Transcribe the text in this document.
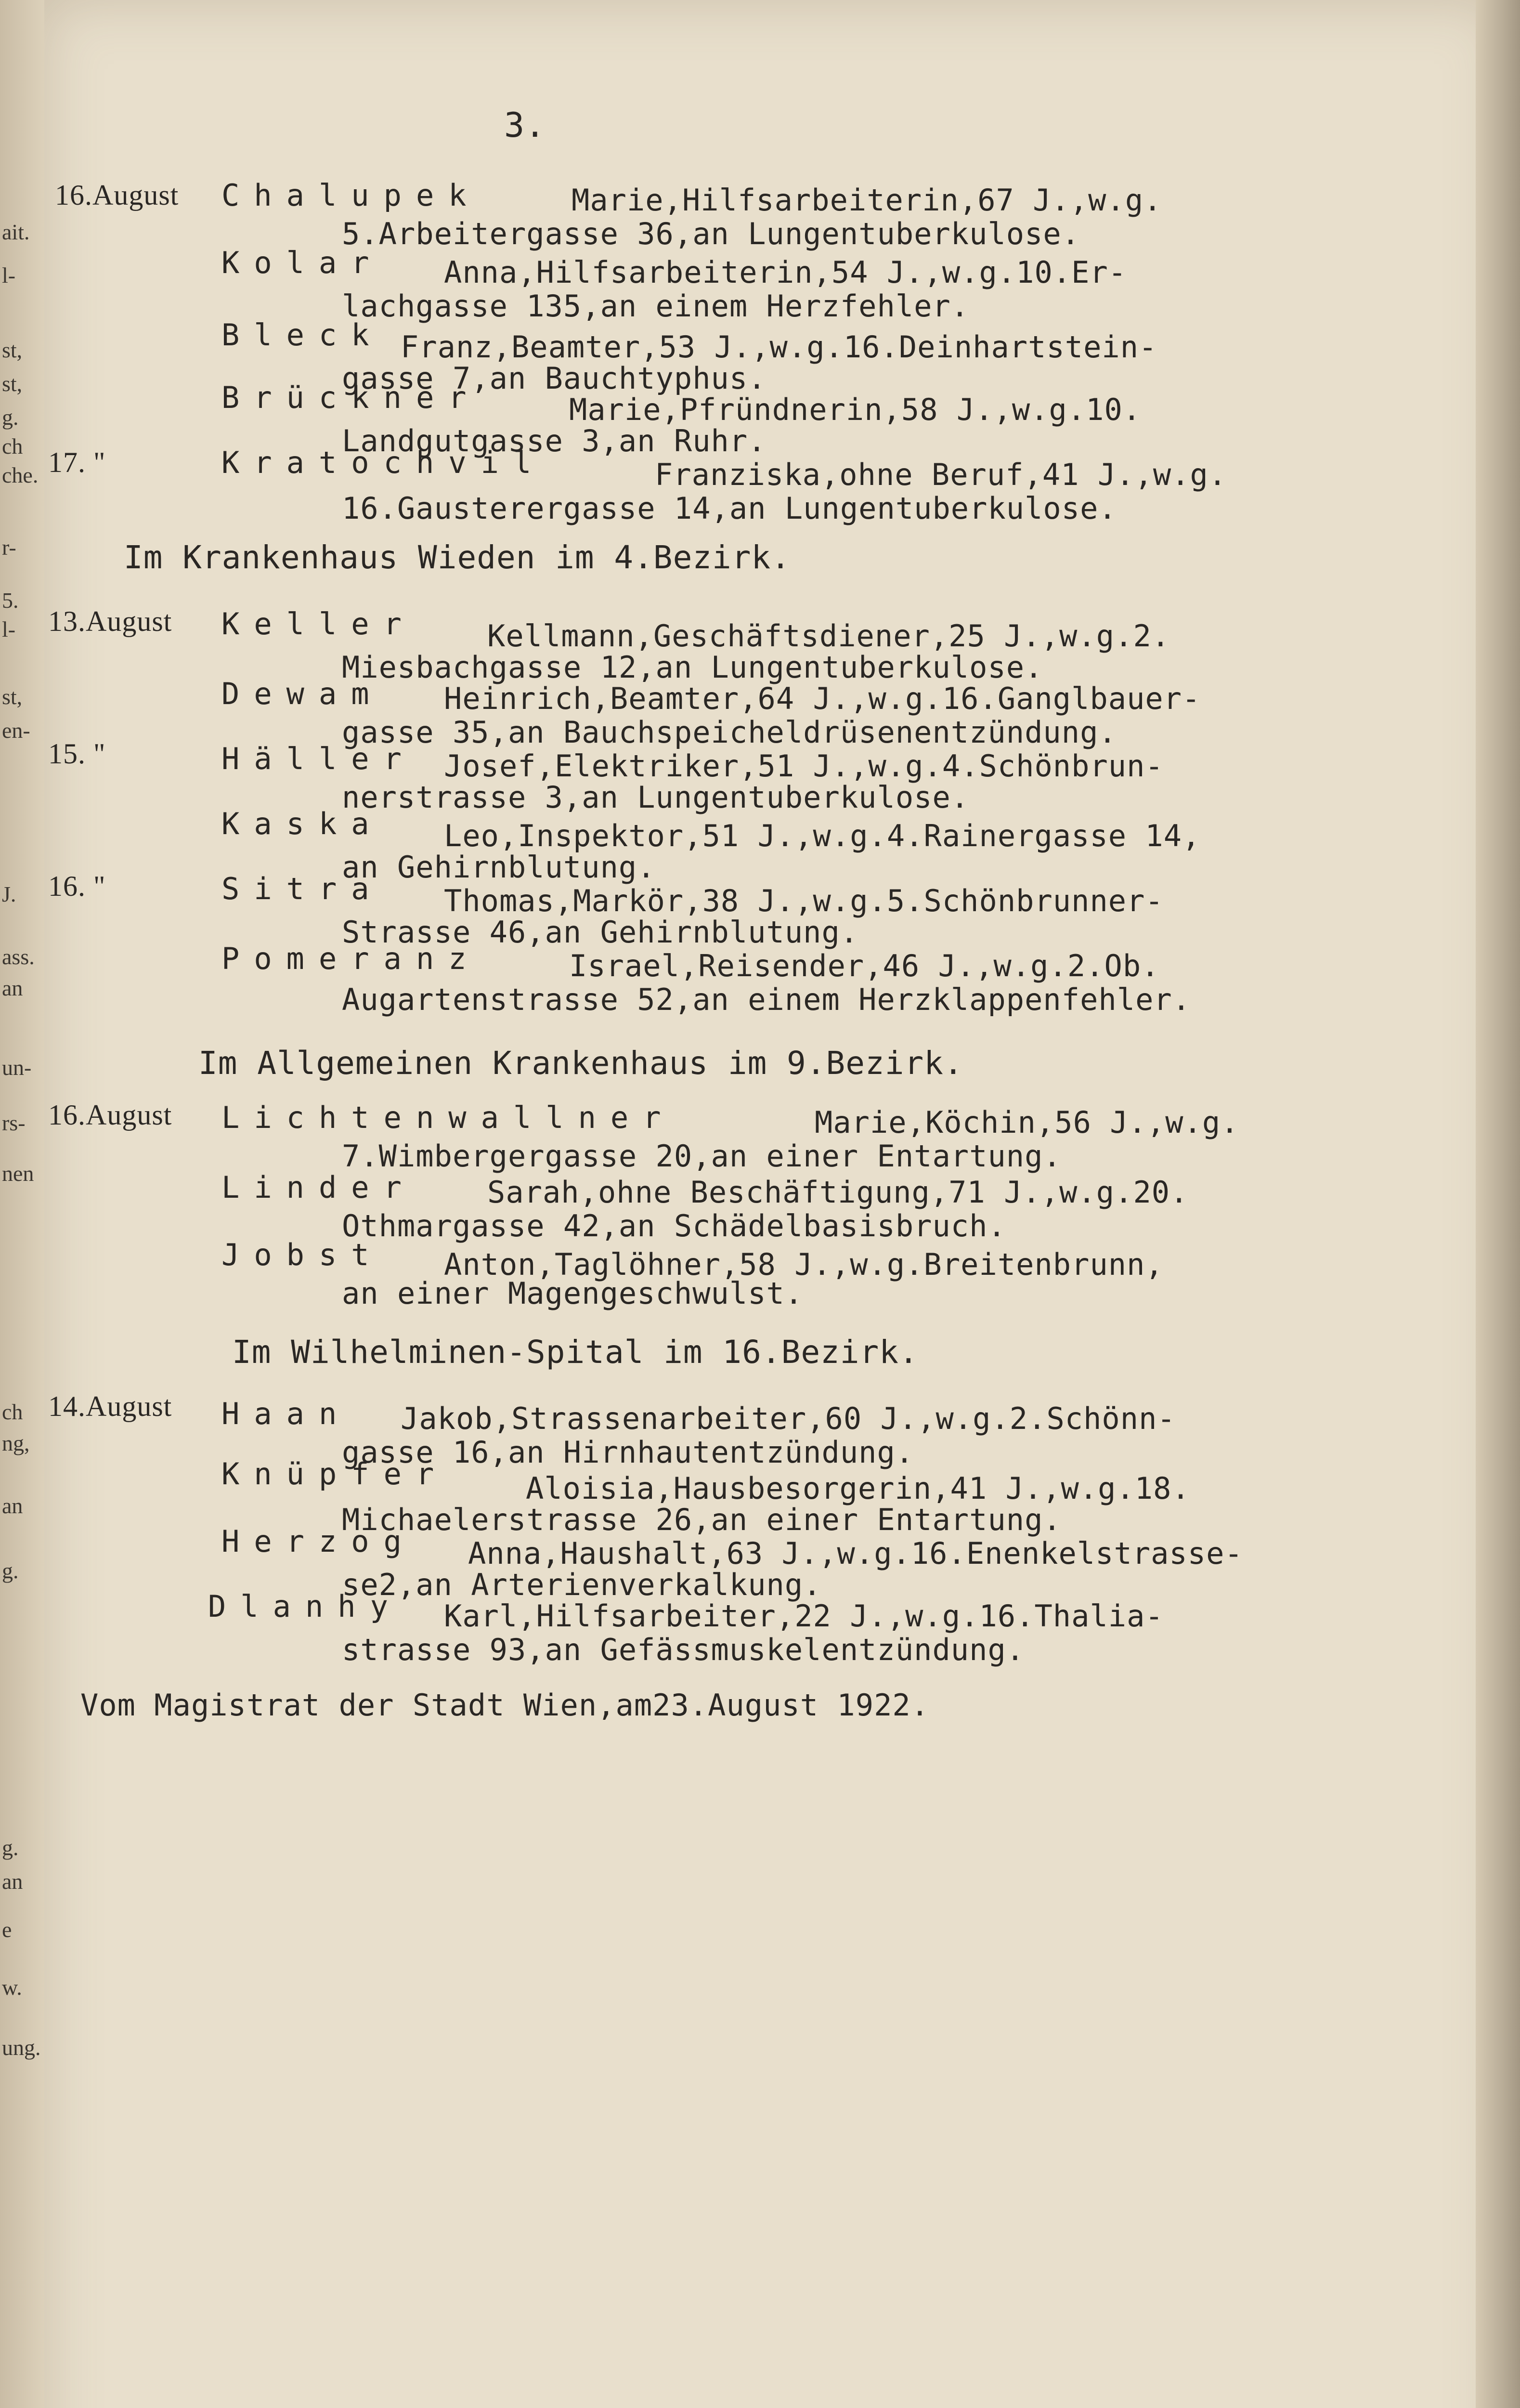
ait.
l-
st,
st,
g.
ch
che.
r-
5.
l-
st,
en-
J.
ass.
an
un-
rs-
nen
ch
ng,
an
g.
g.
an
e
w.
ung.
3.
16.August Chalupek	Marie,Hilfsarbeiterin,67 J.,w.g.
5.Arbeitergasse 36,an Lungentuberkulose.
Kolar Anna,Hilfsarbeiterin,54 J.,w.g.10.Er-
lachgasse 135,an einem Herzfehler.
Bleck Franz,Beamter,53 J.,w.g.16.Deinhartstein-
gasse 7,an Bauchtyphus.
Brückner	Marie,Pfründnerin,58 J.,w.g.10.
Landgutgasse 3,an Ruhr.
17. "	Kratochvil	Franziska,ohne Beruf,41 J.,w.g.
16.Gausterergasse 14,an Lungentuberkulose.
Im Krankenhaus Wieden im 4.Bezirk.
13.August Keller Kellmann,Geschäftsdiener,25 J.,w.g.2.
Miesbachgasse 12,an Lungentuberkulose.
Dewam Heinrich,Beamter,64 J.,w.g.16.Ganglbauer-
gasse 35,an Bauchspeicheldrüsenentzündung.
15. "	Häller Josef,Elektriker,51 J.,w.g.4.Schönbrun-
nerstrasse 3,an Lungentuberkulose.
Kaska Leo,Inspektor,51 J.,w.g.4.Rainergasse 14,
an Gehirnblutung.
16. "	Sitra Thomas,Markör,38 J.,w.g.5.Schönbrunner-
Strasse 46,an Gehirnblutung.
Pomeranz	Israel,Reisender,46 J.,w.g.2.Ob.
Augartenstrasse 52,an einem Herzklappenfehler.
Im Allgemeinen Krankenhaus im 9.Bezirk.
16.August Lichtenwallner	Marie,Köchin,56 J.,w.g.
7.Wimbergergasse 20,an einer Entartung.
Linder Sarah,ohne Beschäftigung,71 J.,w.g.20.
Othmargasse 42,an Schädelbasisbruch.
Jobst Anton,Taglöhner,58 J.,w.g.Breitenbrunn,
an einer Magengeschwulst.
Im Wilhelminen-Spital im 16.Bezirk.
14.August Haan Jakob,Strassenarbeiter,60 J.,w.g.2.Schönn-
gasse 16,an Hirnhautentzündung.
Knüpfer	Aloisia,Hausbesorgerin,41 J.,w.g.18.
Michaelerstrasse 26,an einer Entartung.
Herzog Anna,Haushalt,63 J.,w.g.16.Enenkelstrasse-
se2,an Arterienverkalkung.
Dlanhy Karl,Hilfsarbeiter,22 J.,w.g.16.Thalia-
strasse 93,an Gefässmuskelentzündung.
Vom Magistrat der Stadt Wien,am23.August 1922.
